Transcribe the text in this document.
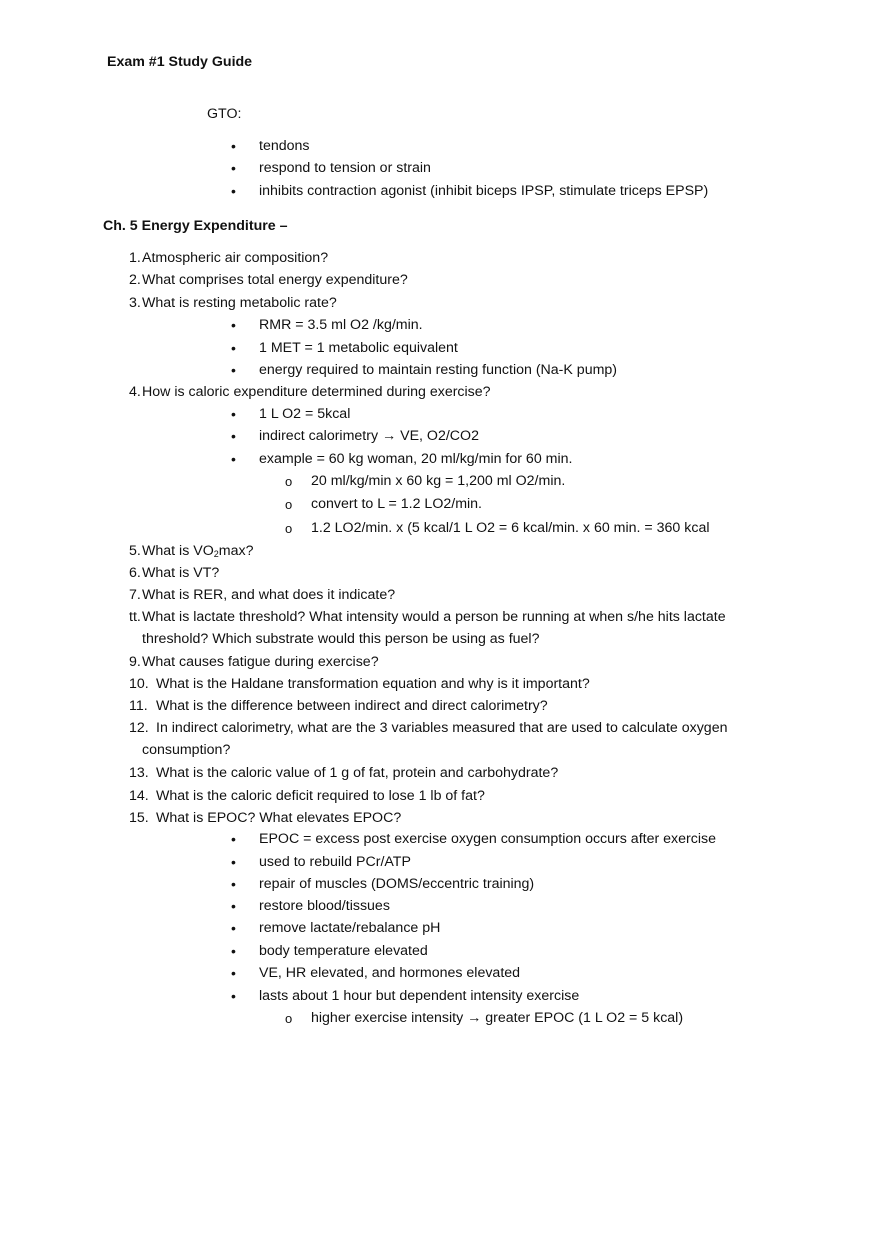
Exam #1 Study Guide
GTO:
• tendons
• respond to tension or strain
• inhibits contraction agonist (inhibit biceps IPSP, stimulate triceps EPSP)
Ch. 5 Energy Expenditure –
1. Atmospheric air composition?
2. What comprises total energy expenditure?
3. What is resting metabolic rate?
• RMR = 3.5 ml O2 /kg/min.
• 1 MET = 1 metabolic equivalent
• energy required to maintain resting function (Na-K pump)
4. How is caloric expenditure determined during exercise?
• 1 L O2 = 5kcal
• indirect calorimetry → VE, O2/CO2
• example = 60 kg woman, 20 ml/kg/min for 60 min.
o 20 ml/kg/min x 60 kg = 1,200 ml O2/min.
o convert to L = 1.2 LO2/min.
o 1.2 LO2/min. x (5 kcal/1 L O2 = 6 kcal/min. x 60 min. = 360 kcal
5. What is $VO_2\max$?
6. What is VT?
7. What is RER, and what does it indicate?
tt. What is lactate threshold? What intensity would a person be running at when s/he hits lactate
threshold? Which substrate would this person be using as fuel?
9. What causes fatigue during exercise?
10. What is the Haldane transformation equation and why is it important?
11. What is the difference between indirect and direct calorimetry?
12. In indirect calorimetry, what are the 3 variables measured that are used to calculate oxygen
consumption?
13. What is the caloric value of 1 g of fat, protein and carbohydrate?
14. What is the caloric deficit required to lose 1 lb of fat?
15. What is EPOC? What elevates EPOC?
• EPOC = excess post exercise oxygen consumption occurs after exercise
• used to rebuild PCr/ATP
• repair of muscles (DOMS/eccentric training)
• restore blood/tissues
• remove lactate/rebalance pH
• body temperature elevated
• VE, HR elevated, and hormones elevated
• lasts about 1 hour but dependent intensity exercise
o higher exercise intensity → greater EPOC (1 L O2 = 5 kcal)
